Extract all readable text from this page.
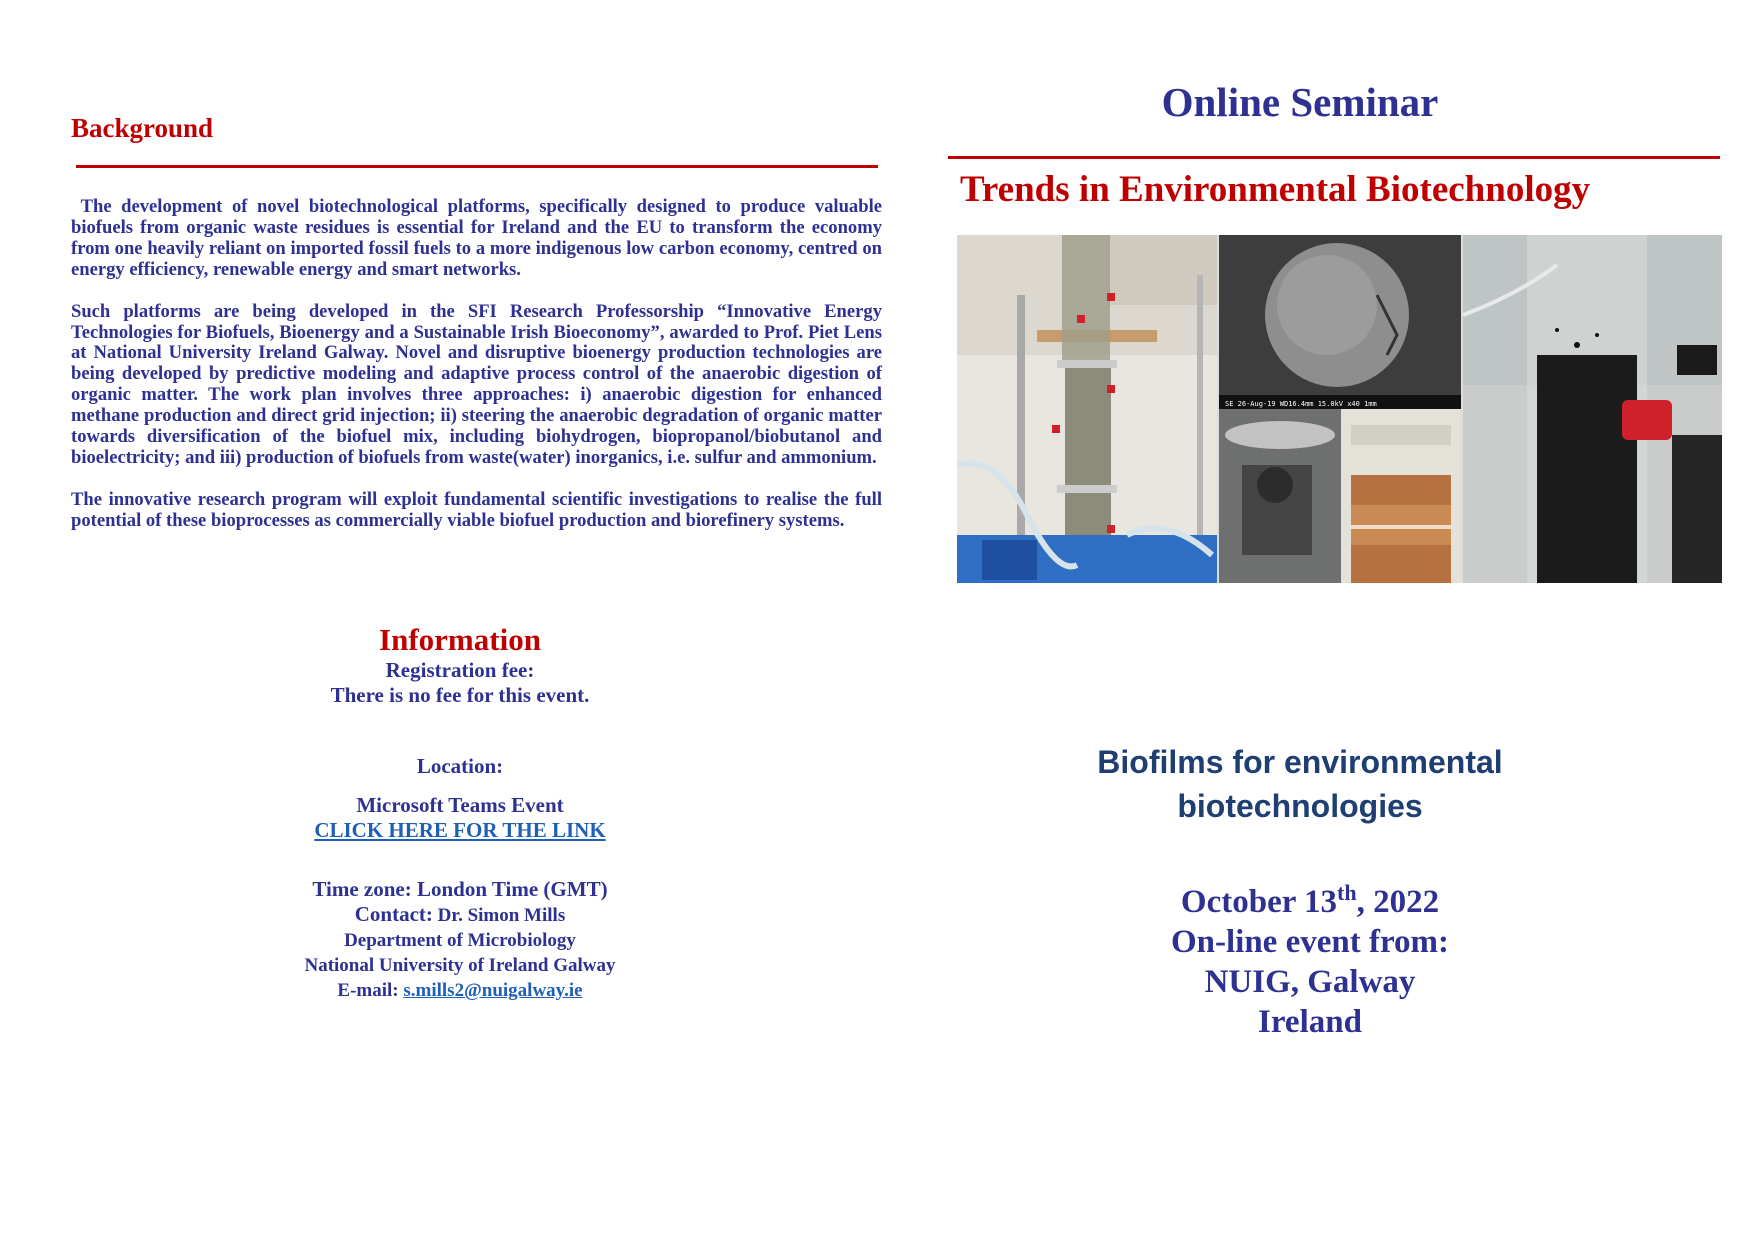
Background

The development of novel biotechnological platforms, specifically designed to produce valuable biofuels from organic waste residues is essential for Ireland and the EU to transform the economy from one heavily reliant on imported fossil fuels to a more indigenous low carbon economy, centred on energy efficiency, renewable energy and smart networks.

Such platforms are being developed in the SFI Research Professorship “Innovative Energy Technologies for Biofuels, Bioenergy and a Sustainable Irish Bioeconomy”, awarded to Prof. Piet Lens at National University Ireland Galway. Novel and disruptive bioenergy production technologies are being developed by predictive modeling and adaptive process control of the anaerobic digestion of organic matter. The work plan involves three approaches: i) anaerobic digestion for enhanced methane production and direct grid injection; ii) steering the anaerobic degradation of organic matter towards diversification of the biofuel mix, including biohydrogen, biopropanol/biobutanol and bioelectricity; and iii) production of biofuels from waste(water) inorganics, i.e. sulfur and ammonium.

The innovative research program will exploit fundamental scientific investigations to realise the full potential of these bioprocesses as commercially viable biofuel production and biorefinery systems.

Information
Registration fee:
There is no fee for this event.
Location:
Microsoft Teams Event
CLICK HERE FOR THE LINK
Time zone: London Time (GMT)
Contact: Dr. Simon Mills
Department of Microbiology
National University of Ireland Galway
E-mail: s.mills2@nuigalway.ie
Online Seminar
Trends in Environmental Biotechnology
SE 26-Aug-19 WD16.4mm 15.0kV x40 1mm
Biofilms for environmental
biotechnologies
October 13th, 2022
On-line event from:
NUIG, Galway
Ireland
